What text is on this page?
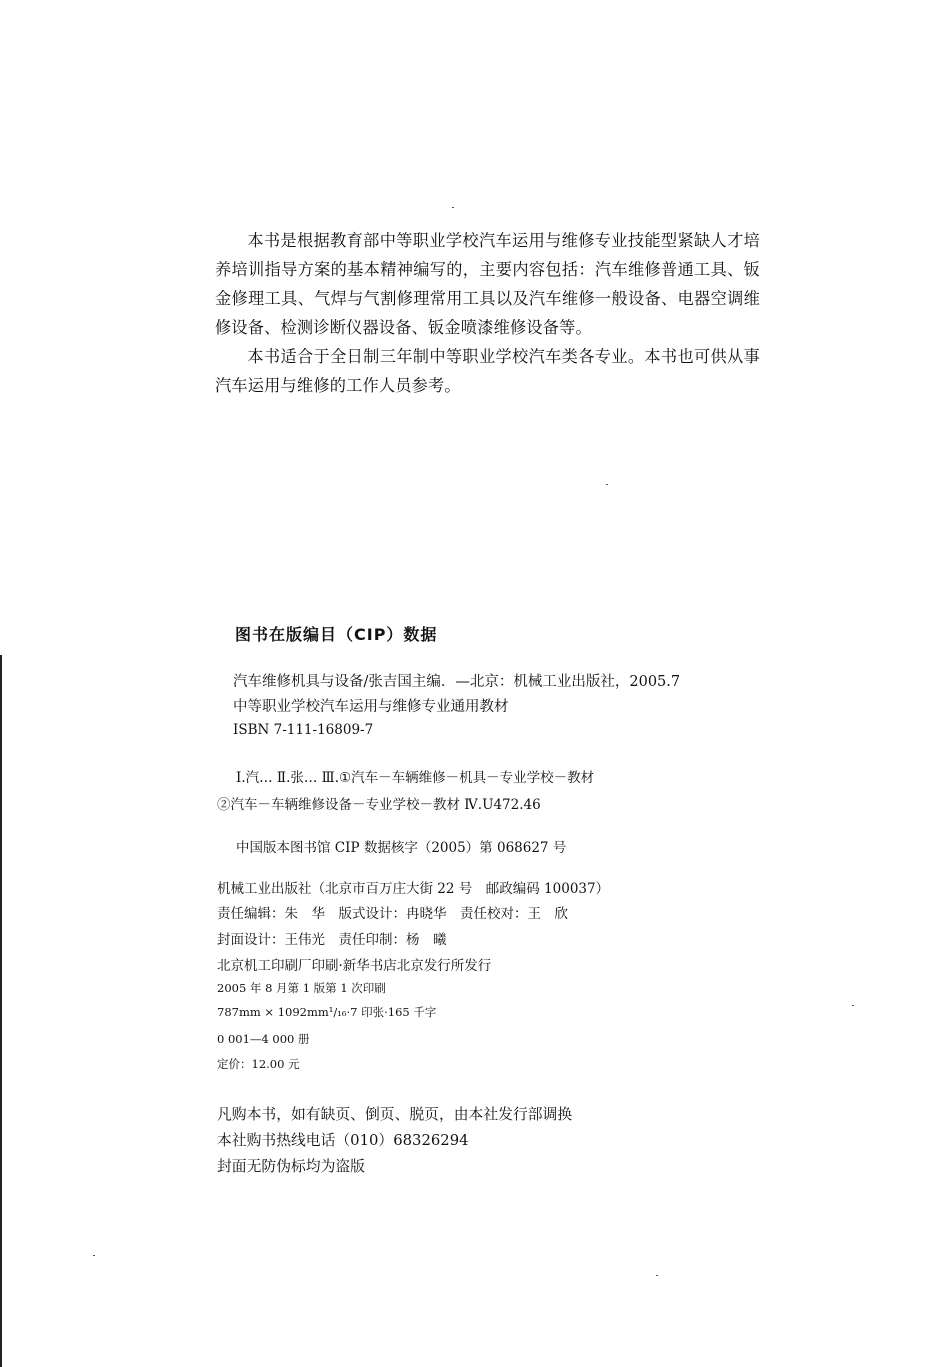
本书是根据教育部中等职业学校汽车运用与维修专业技能型紧缺人才培养培训指导方案的基本精神编写的，主要内容包括：汽车维修普通工具、钣金修理工具、气焊与气割修理常用工具以及汽车维修一般设备、电器空调维修设备、检测诊断仪器设备、钣金喷漆维修设备等。

本书适合于全日制三年制中等职业学校汽车类各专业。本书也可供从事汽车运用与维修的工作人员参考。

图书在版编目（CIP）数据
汽车维修机具与设备/张吉国主编．—北京：机械工业出版社，2005.7
中等职业学校汽车运用与维修专业通用教材
ISBN 7-111-16809-7
Ⅰ.汽… Ⅱ.张… Ⅲ.①汽车－车辆维修－机具－专业学校－教材
②汽车－车辆维修设备－专业学校－教材 Ⅳ.U472.46
中国版本图书馆 CIP 数据核字（2005）第 068627 号
机械工业出版社（北京市百万庄大街 22 号　邮政编码 100037）
责任编辑：朱　华　版式设计：冉晓华　责任校对：王　欣
封面设计：王伟光　责任印制：杨　曦
北京机工印刷厂印刷·新华书店北京发行所发行
2005 年 8 月第 1 版第 1 次印刷
787mm × 1092mm¹/₁₆·7 印张·165 千字
0 001—4 000 册
定价：12.00 元
凡购本书，如有缺页、倒页、脱页，由本社发行部调换
本社购书热线电话（010）68326294
封面无防伪标均为盗版
